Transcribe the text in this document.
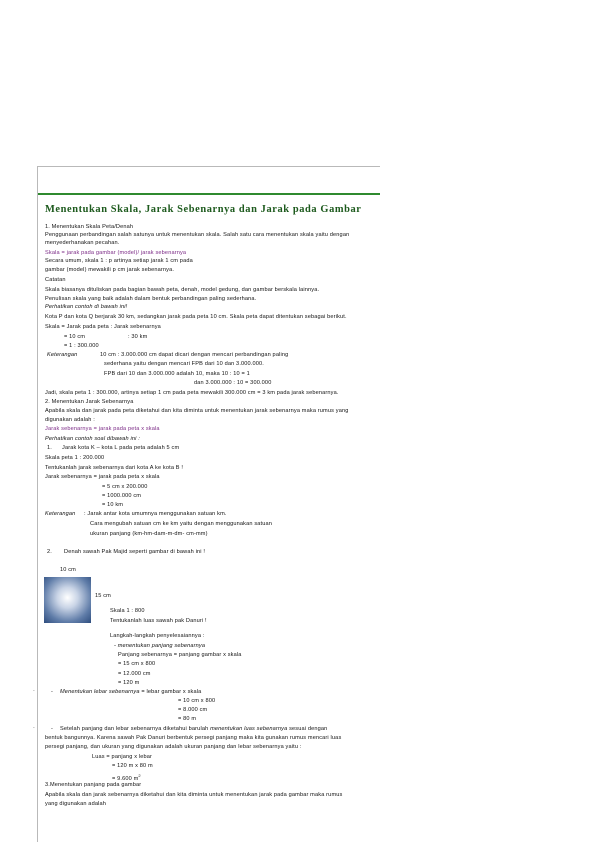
Menentukan Skala, Jarak Sebenarnya dan Jarak pada Gambar
1. Menentukan Skala Peta/Denah
Penggunaan perbandingan salah satunya untuk menentukan skala. Salah satu cara menentukan skala yaitu dengan
menyederhanakan pecahan.
Skala = jarak pada gambar (model)/ jarak sebenarnya
Secara umum, skala 1 : p artinya setiap jarak 1 cm pada
gambar (model) mewakili p cm jarak sebenarnya.
Catatan
Skala biasanya dituliskan pada bagian bawah peta, denah, model gedung, dan gambar berskala lainnya.
Penulisan skala yang baik adalah dalam bentuk perbandingan paling sederhana.
Perhatikan contoh di bawah ini!
Kota P dan kota Q berjarak 30 km, sedangkan jarak pada peta 10 cm. Skala peta dapat ditentukan sebagai berikut.
Skala = Jarak pada peta : Jarak sebenarnya
= 10 cm	: 30 km
= 1 : 300.000
Keterangan	10 cm : 3.000.000 cm dapat dicari dengan mencari perbandingan paling
sederhana yaitu dengan mencari FPB dari 10 dan 3.000.000.
FPB dari 10 dan 3.000.000 adalah 10, maka 10 : 10 = 1
dan 3.000.000 : 10 = 300.000
Jadi, skala peta 1 : 300.000, artinya setiap 1 cm pada peta mewakili 300.000 cm = 3 km pada jarak sebenarnya.
2. Menentukan Jarak Sebenarnya
Apabila skala dan jarak pada peta diketahui dan kita diminta untuk menentukan jarak sebenarnya maka rumus yang
digunakan adalah :
Jarak sebenarnya = jarak pada peta x skala
Perhatikan contoh soal dibawah ini :
1. Jarak kota K – kota L pada peta adalah 5 cm
Skala peta 1 : 200.000
Tentukanlah jarak sebenarnya dari kota A ke kota B !
Jarak sebenarnya = jarak pada peta x skala
= 5 cm x 200.000
= 1000.000 cm
= 10 km
Keterangan : Jarak antar kota umumnya menggunakan satuan km.
Cara mengubah satuan cm ke km yaitu dengan menggunakan satuan
ukuran panjang (km-hm-dam-m-dm- cm-mm)
2. Denah sawah Pak Majid seperti gambar di bawah ini !
10 cm
15 cm
Skala 1 : 800
Tentukanlah luas sawah pak Danuri !
Langkah-langkah penyelesaiannya :
- menentukan panjang sebenarnya
Panjang sebenarnya = panjang gambar x skala
= 15 cm x 800
= 12.000 cm
= 120 m
·	- Menentukan lebar sebenarnya = lebar gambar x skala
= 10 cm x 800
= 8.000 cm
= 80 m
·	- Setelah panjang dan lebar sebenarnya diketahui barulah menentukan luas sebenarnya sesuai dengan
bentuk bangunnya. Karena sawah Pak Danuri berbentuk persegi panjang maka kita gunakan rumus mencari luas
persegi panjang, dan ukuran yang digunakan adalah ukuran panjang dan lebar sebenarnya yaitu :
Luas = panjang x lebar
= 120 m x 80 m
= 9.600 $m^2$
3.Menentukan panjang pada gambar
Apabila skala dan jarak sebenarnya diketahui dan kita diminta untuk menentukan jarak pada gambar maka rumus
yang digunakan adalah
